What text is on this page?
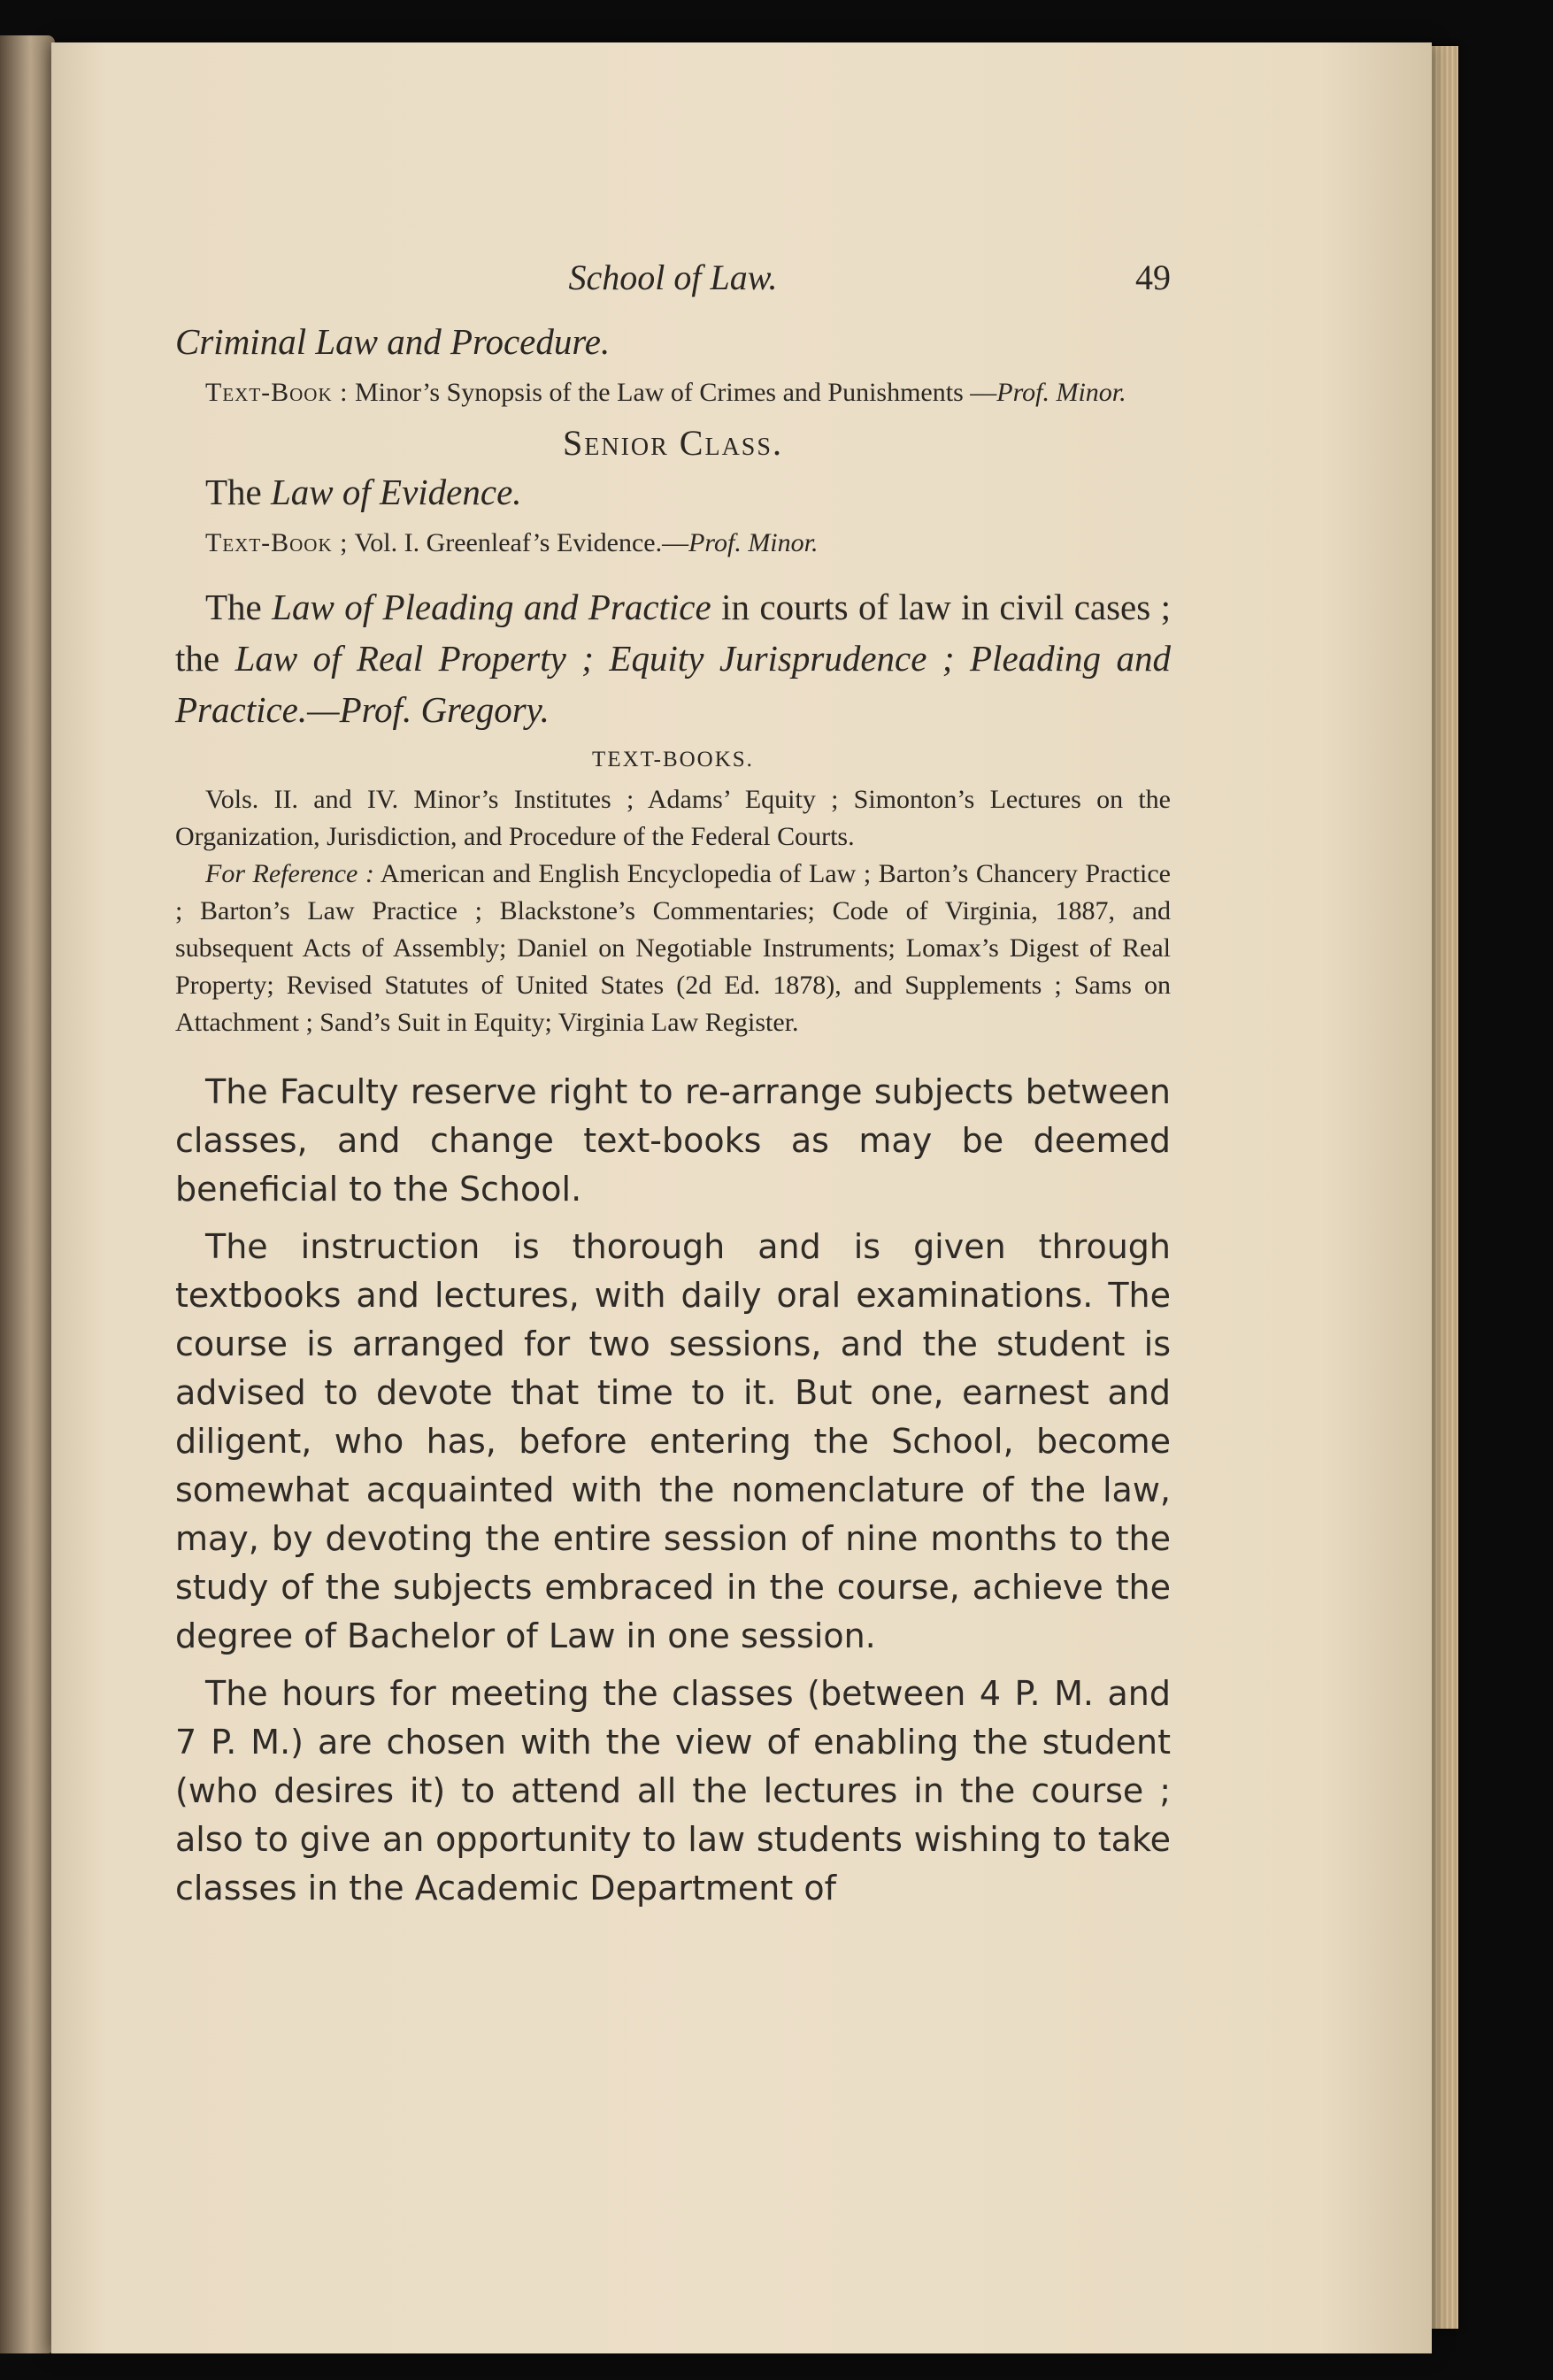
School of Law.	49
Criminal Law and Procedure.

Text-Book : Minor’s Synopsis of the Law of Crimes and Punishments —Prof. Minor.

Senior Class.
The Law of Evidence.

Text-Book ; Vol. I. Greenleaf’s Evidence.—Prof. Minor.

The Law of Pleading and Practice in courts of law in civil cases ; the Law of Real Property ; Equity Jurisprudence ; Pleading and Practice.—Prof. Gregory.

TEXT-BOOKS.

Vols. II. and IV. Minor’s Institutes ; Adams’ Equity ; Simonton’s Lectures on the Organization, Jurisdiction, and Procedure of the Federal Courts.

For Reference : American and English Encyclopedia of Law ; Barton’s Chancery Practice ; Barton’s Law Practice ; Blackstone’s Commentaries; Code of Virginia, 1887, and subsequent Acts of Assembly; Daniel on Negotiable Instruments; Lomax’s Digest of Real Property; Revised Statutes of United States (2d Ed. 1878), and Supplements ; Sams on Attachment ; Sand’s Suit in Equity; Virginia Law Register.

The Faculty reserve right to re-arrange subjects between classes, and change text-books as may be deemed beneficial to the School.

The instruction is thorough and is given through textbooks and lectures, with daily oral examinations. The course is arranged for two sessions, and the student is advised to devote that time to it. But one, earnest and diligent, who has, before entering the School, become somewhat acquainted with the nomenclature of the law, may, by devoting the entire session of nine months to the study of the subjects embraced in the course, achieve the degree of Bachelor of Law in one session.

The hours for meeting the classes (between 4 P. M. and 7 P. M.) are chosen with the view of enabling the student (who desires it) to attend all the lectures in the course ; also to give an opportunity to law students wishing to take classes in the Academic Department of
